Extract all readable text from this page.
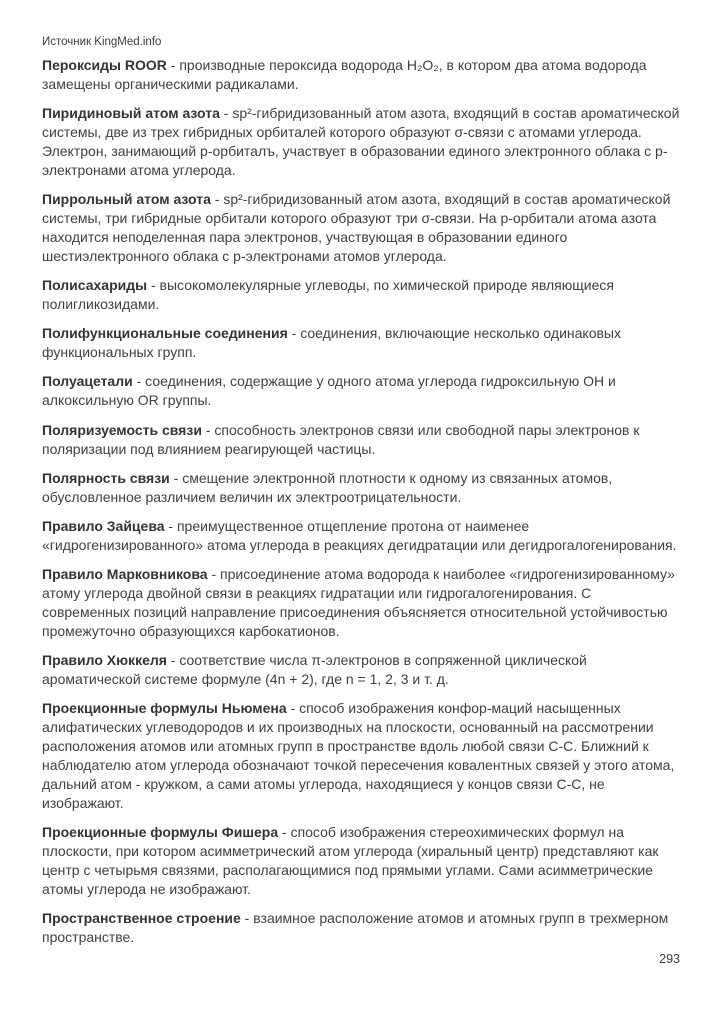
Источник KingMed.info

Пероксиды ROOR - производные пероксида водорода H₂O₂, в котором два атома водорода замещены органическими радикалами.

Пиридиновый атом азота - sp²-гибридизованный атом азота, входящий в состав ароматической системы, две из трех гибридных орбиталей которого образуют σ-связи с атомами углерода. Электрон, занимающий p-орбиталъ, участвует в образовании единого электронного облака с p-электронами атома углерода.

Пиррольный атом азота - sp²-гибридизованный атом азота, входящий в состав ароматической системы, три гибридные орбитали которого образуют три σ-связи. На p-орбитали атома азота находится неподеленная пара электронов, участвующая в образовании единого шестиэлектронного облака с p-электронами атомов углерода.

Полисахариды - высокомолекулярные углеводы, по химической природе являющиеся полигликозидами.

Полифункциональные соединения - соединения, включающие несколько одинаковых функциональных групп.

Полуацетали - соединения, содержащие у одного атома углерода гидроксильную ОН и алкоксильную OR группы.

Поляризуемость связи - способность электронов связи или свободной пары электронов к поляризации под влиянием реагирующей частицы.

Полярность связи - смещение электронной плотности к одному из связанных атомов, обусловленное различием величин их электроотрицательности.

Правило Зайцева - преимущественное отщепление протона от наименее «гидрогенизированного» атома углерода в реакциях дегидратации или дегидрогалогенирования.

Правило Марковникова - присоединение атома водорода к наиболее «гидрогенизированному» атому углерода двойной связи в реакциях гидратации или гидрогалогенирования. С современных позиций направление присоединения объясняется относительной устойчивостью промежуточно образующихся карбокатионов.

Правило Хюккеля - соответствие числа π-электронов в сопряженной циклической ароматической системе формуле (4n + 2), где n = 1, 2, 3 и т. д.

Проекционные формулы Ньюмена - способ изображения конфор-маций насыщенных алифатических углеводородов и их производных на плоскости, основанный на рассмотрении расположения атомов или атомных групп в пространстве вдоль любой связи С-С. Ближний к наблюдателю атом углерода обозначают точкой пересечения ковалентных связей у этого атома, дальний атом - кружком, а сами атомы углерода, находящиеся у концов связи С-С, не изображают.

Проекционные формулы Фишера - способ изображения стереохимических формул на плоскости, при котором асимметрический атом углерода (хиральный центр) представляют как центр с четырьмя связями, располагающимися под прямыми углами. Сами асимметрические атомы углерода не изображают.

Пространственное строение - взаимное расположение атомов и атомных групп в трехмерном пространстве.

293
